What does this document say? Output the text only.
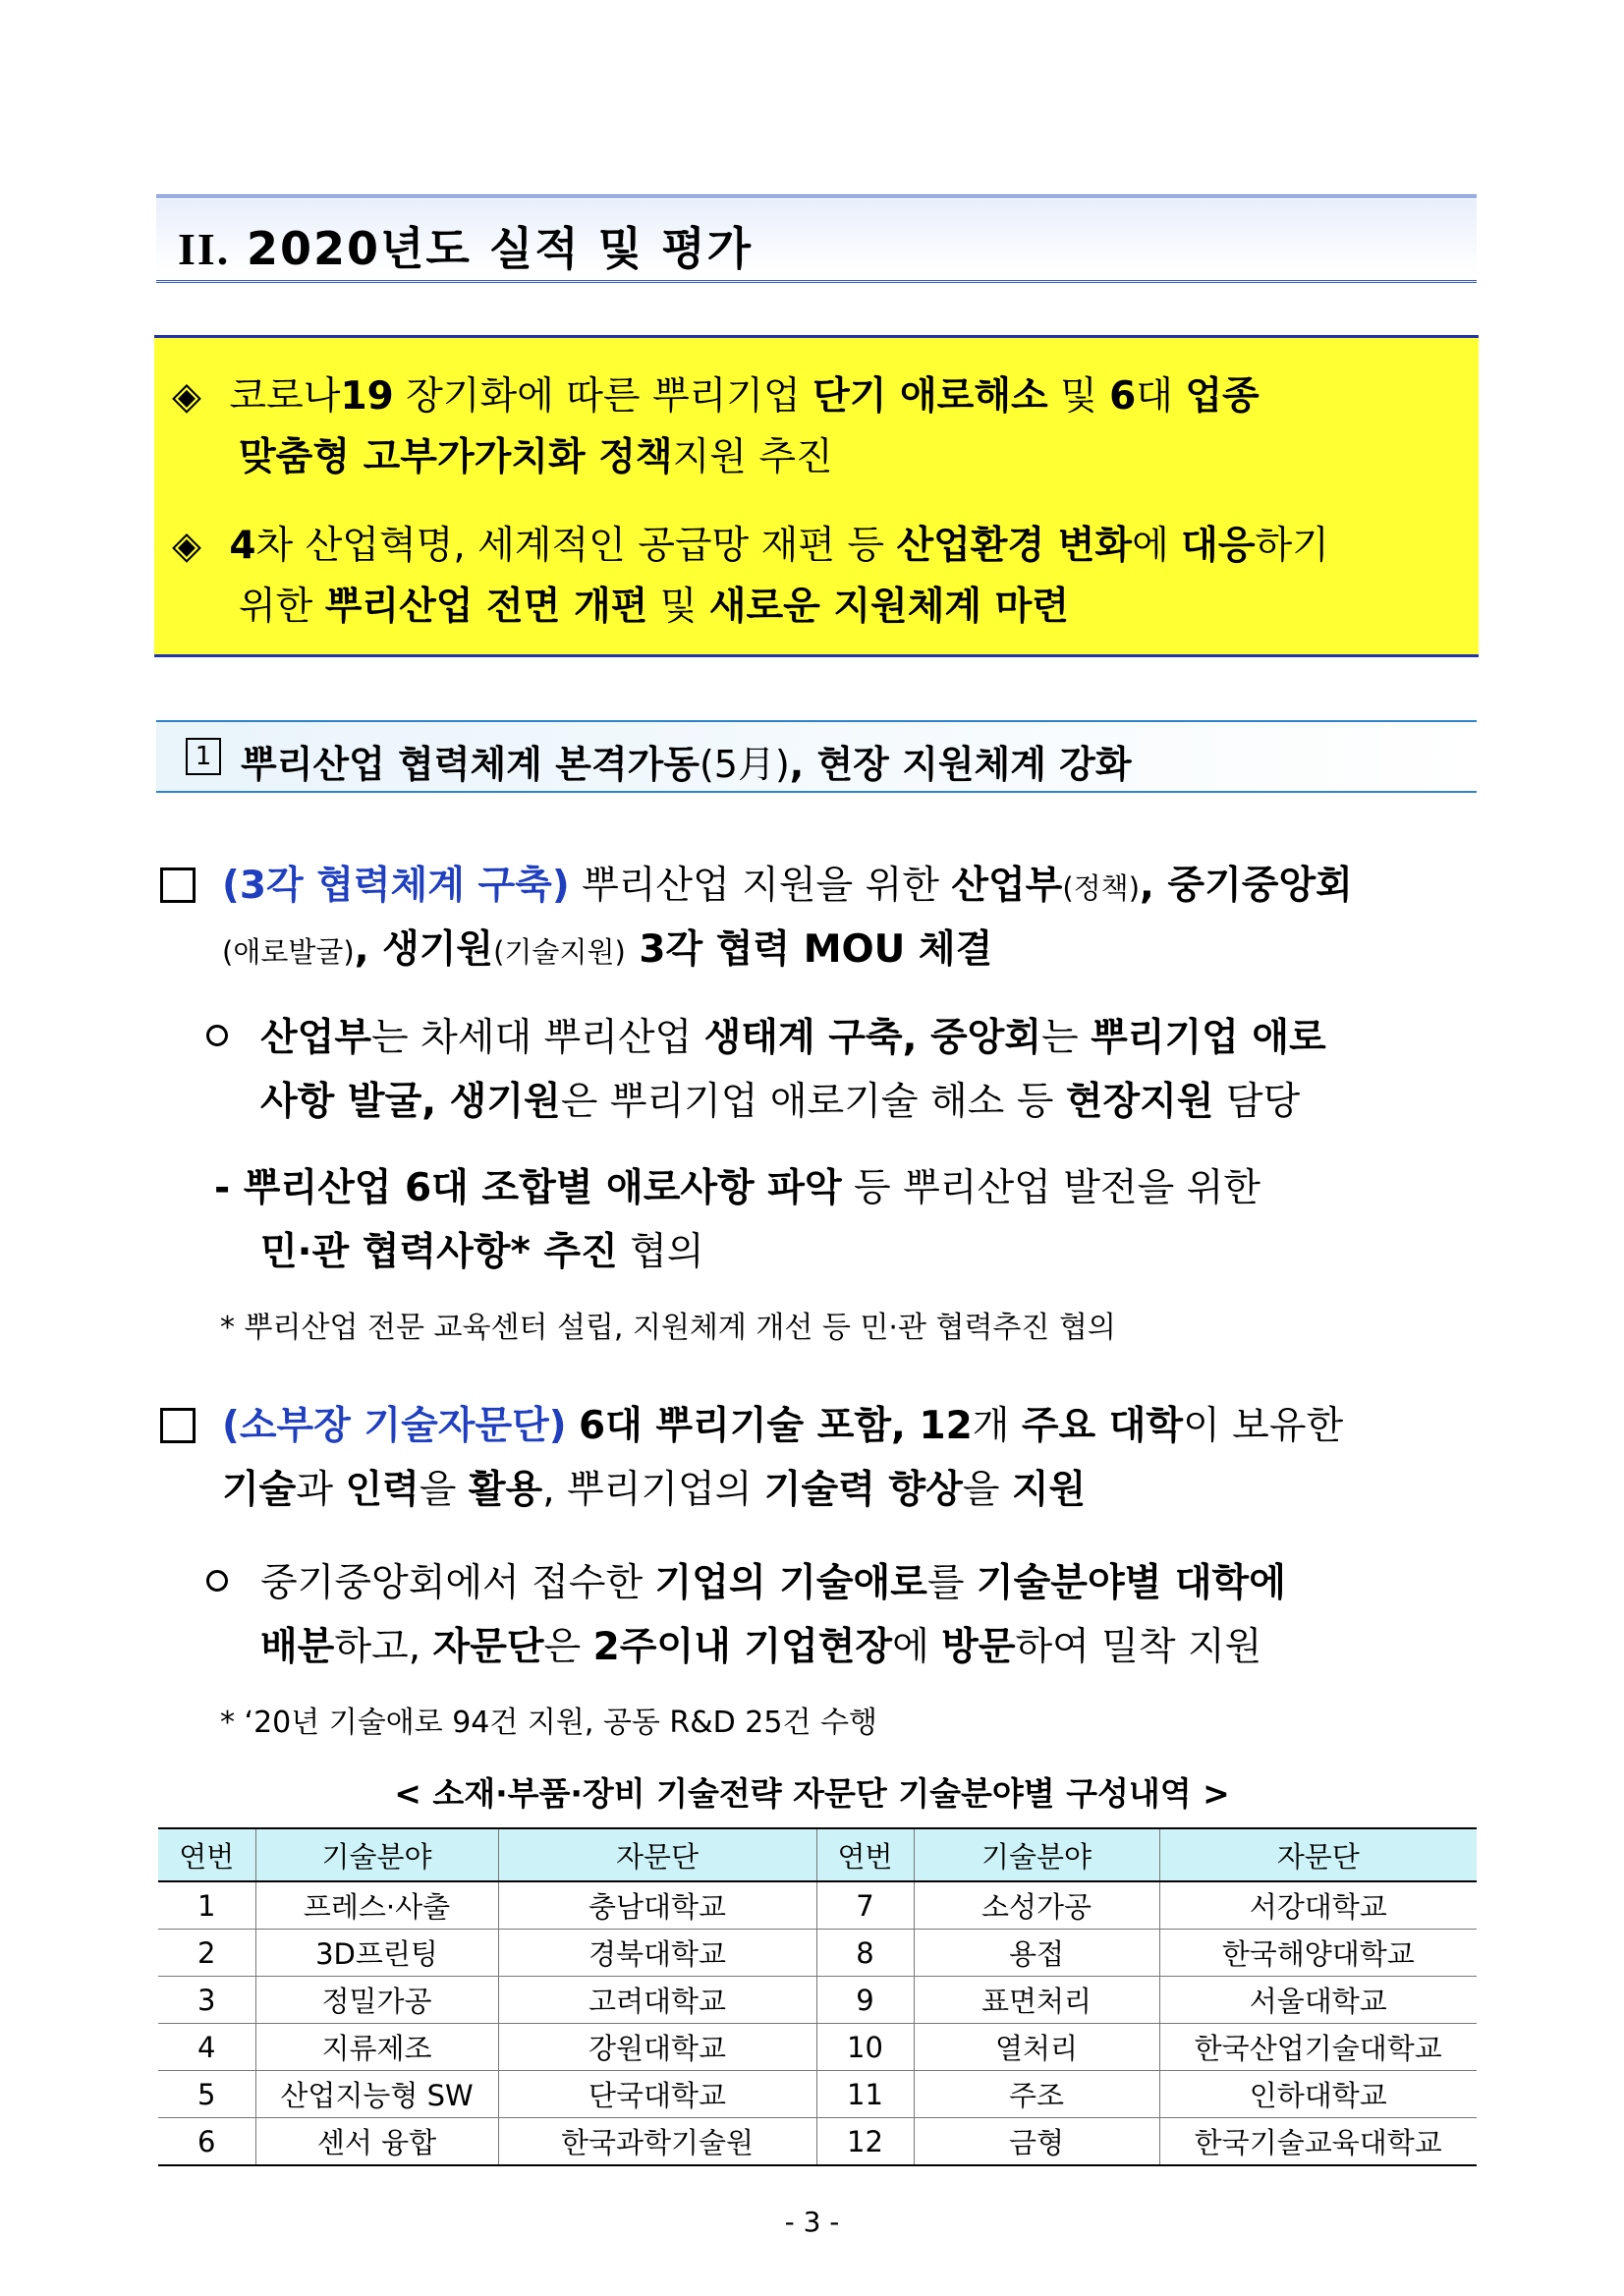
II. 2020년도 실적 및 평가
◈ 코로나19 장기화에 따른 뿌리기업 단기 애로해소 및 6대 업종
맞춤형 고부가가치화 정책지원 추진
◈ 4차 산업혁명, 세계적인 공급망 재편 등 산업환경 변화에 대응하기
위한 뿌리산업 전면 개편 및 새로운 지원체계 마련
1 뿌리산업 협력체계 본격가동(5月), 현장 지원체계 강화
(3각 협력체계 구축) 뿌리산업 지원을 위한 산업부(정책), 중기중앙회
(애로발굴), 생기원(기술지원) 3각 협력 MOU 체결
산업부는 차세대 뿌리산업 생태계 구축, 중앙회는 뿌리기업 애로
사항 발굴, 생기원은 뿌리기업 애로기술 해소 등 현장지원 담당
- 뿌리산업 6대 조합별 애로사항 파악 등 뿌리산업 발전을 위한
민·관 협력사항* 추진 협의
* 뿌리산업 전문 교육센터 설립, 지원체계 개선 등 민·관 협력추진 협의
(소부장 기술자문단) 6대 뿌리기술 포함, 12개 주요 대학이 보유한
기술과 인력을 활용, 뿌리기업의 기술력 향상을 지원
중기중앙회에서 접수한 기업의 기술애로를 기술분야별 대학에
배분하고, 자문단은 2주이내 기업현장에 방문하여 밀착 지원
* ‘20년 기술애로 94건 지원, 공동 R&D 25건 수행
< 소재·부품·장비 기술전략 자문단 기술분야별 구성내역 >
연번	기술분야	자문단	연번	기술분야	자문단
1	프레스·사출	충남대학교	7	소성가공	서강대학교
2	3D프린팅	경북대학교	8	용접	한국해양대학교
3	정밀가공	고려대학교	9	표면처리	서울대학교
4	지류제조	강원대학교	10	열처리	한국산업기술대학교
5	산업지능형 SW	단국대학교	11	주조	인하대학교
6	센서 융합	한국과학기술원	12	금형	한국기술교육대학교
- 3 -
